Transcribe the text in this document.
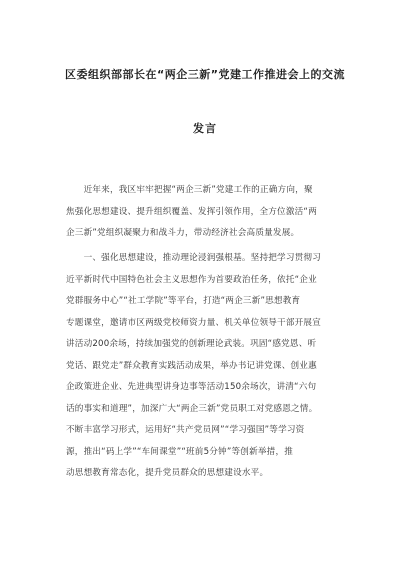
区委组织部部长在“两企三新”党建工作推进会上的交流
发言
　　近年来，我区牢牢把握“两企三新”党建工作的正确方向，聚
焦强化思想建设、提升组织覆盖、发挥引领作用，全方位激活“两
企三新”党组织凝聚力和战斗力，带动经济社会高质量发展。
　　一、强化思想建设，推动理论浸润强根基。坚持把学习贯彻习
近平新时代中国特色社会主义思想作为首要政治任务，依托“企业
党群服务中心”“社工学院”等平台，打造“两企三新”思想教育
专题课堂，邀请市区两级党校师资力量、机关单位领导干部开展宣
讲活动200余场，持续加强党的创新理论武装。巩固“感党恩、听
党话、跟党走”群众教育实践活动成果，举办书记讲党课、创业惠
企政策进企业、先进典型讲身边事等活动150余场次，讲清“六句
话的事实和道理”，加深广大“两企三新”党员职工对党感恩之情。
不断丰富学习形式，运用好“共产党员网”“学习强国”等学习资
源，推出“码上学”“车间课堂”“班前5分钟”等创新举措，推
动思想教育常态化，提升党员群众的思想建设水平。
